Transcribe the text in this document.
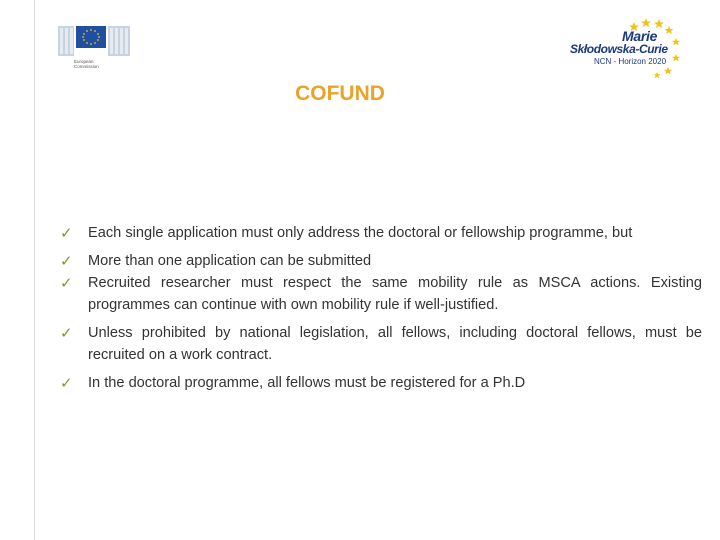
European
Commission
Marie
Skłodowska-Curie
NCN - Horizon 2020
COFUND
✓ Each single application must only address the doctoral or fellowship programme, but
✓ More than one application can be submitted
✓ Recruited researcher must respect the same mobility rule as MSCA actions. Existing programmes can continue with own mobility rule if well-justified.
✓ Unless prohibited by national legislation, all fellows, including doctoral fellows, must be recruited on a work contract.
✓ In the doctoral programme, all fellows must be registered for a Ph.D
